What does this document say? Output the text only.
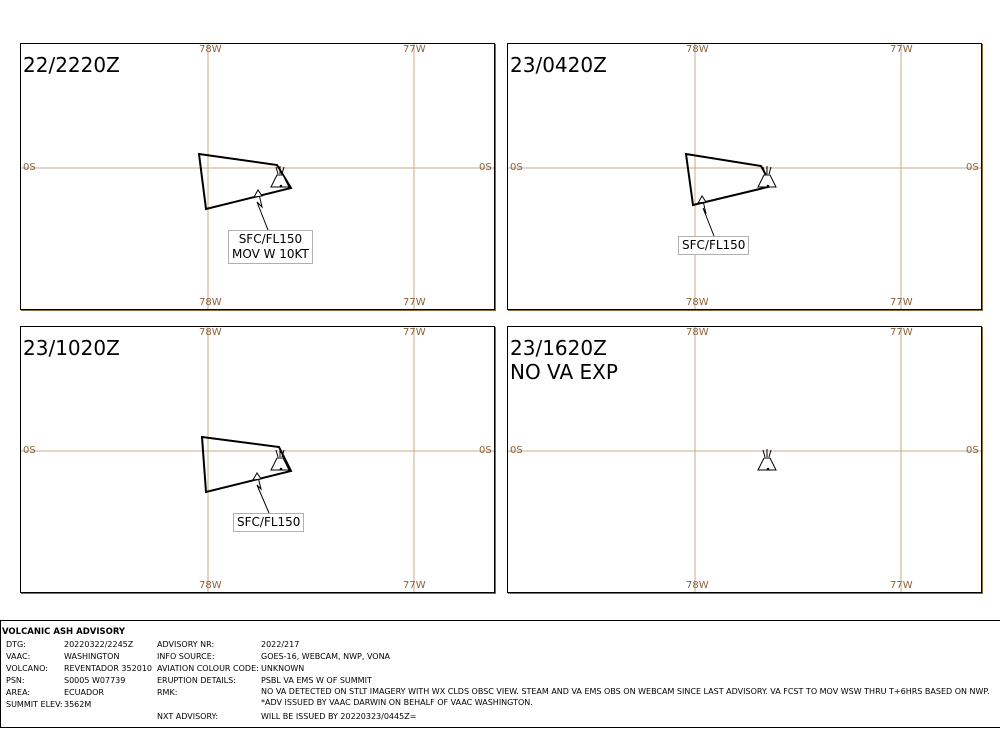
78W	77W
78W	77W
0S	0S
22/2220Z
SFC/FL150
MOV W 10KT
78W	77W
78W	77W
0S	0S
23/0420Z
SFC/FL150
78W	77W
78W	77W
0S	0S
23/1020Z
SFC/FL150
78W	77W
78W	77W
0S	0S
23/1620Z
NO VA EXP
VOLCANIC ASH ADVISORY
DTG:	20220322/2245Z	ADVISORY NR:	2022/217
VAAC:	WASHINGTON	INFO SOURCE:	GOES-16, WEBCAM, NWP, VONA
VOLCANO: REVENTADOR 352010 AVIATION COLOUR CODE: UNKNOWN
PSN:	S0005 W07739	ERUPTION DETAILS:	PSBL VA EMS W OF SUMMIT
AREA:	ECUADOR	RMK:	NO VA DETECTED ON STLT IMAGERY WITH WX CLDS OBSC VIEW. STEAM AND VA EMS OBS ON WEBCAM SINCE LAST ADVISORY. VA FCST TO MOV WSW THRU T+6HRS BASED ON NWP.
*ADV ISSUED BY VAAC DARWIN ON BEHALF OF VAAC WASHINGTON.
SUMMIT ELEV: 3562M
NXT ADVISORY:	WILL BE ISSUED BY 20220323/0445Z=
